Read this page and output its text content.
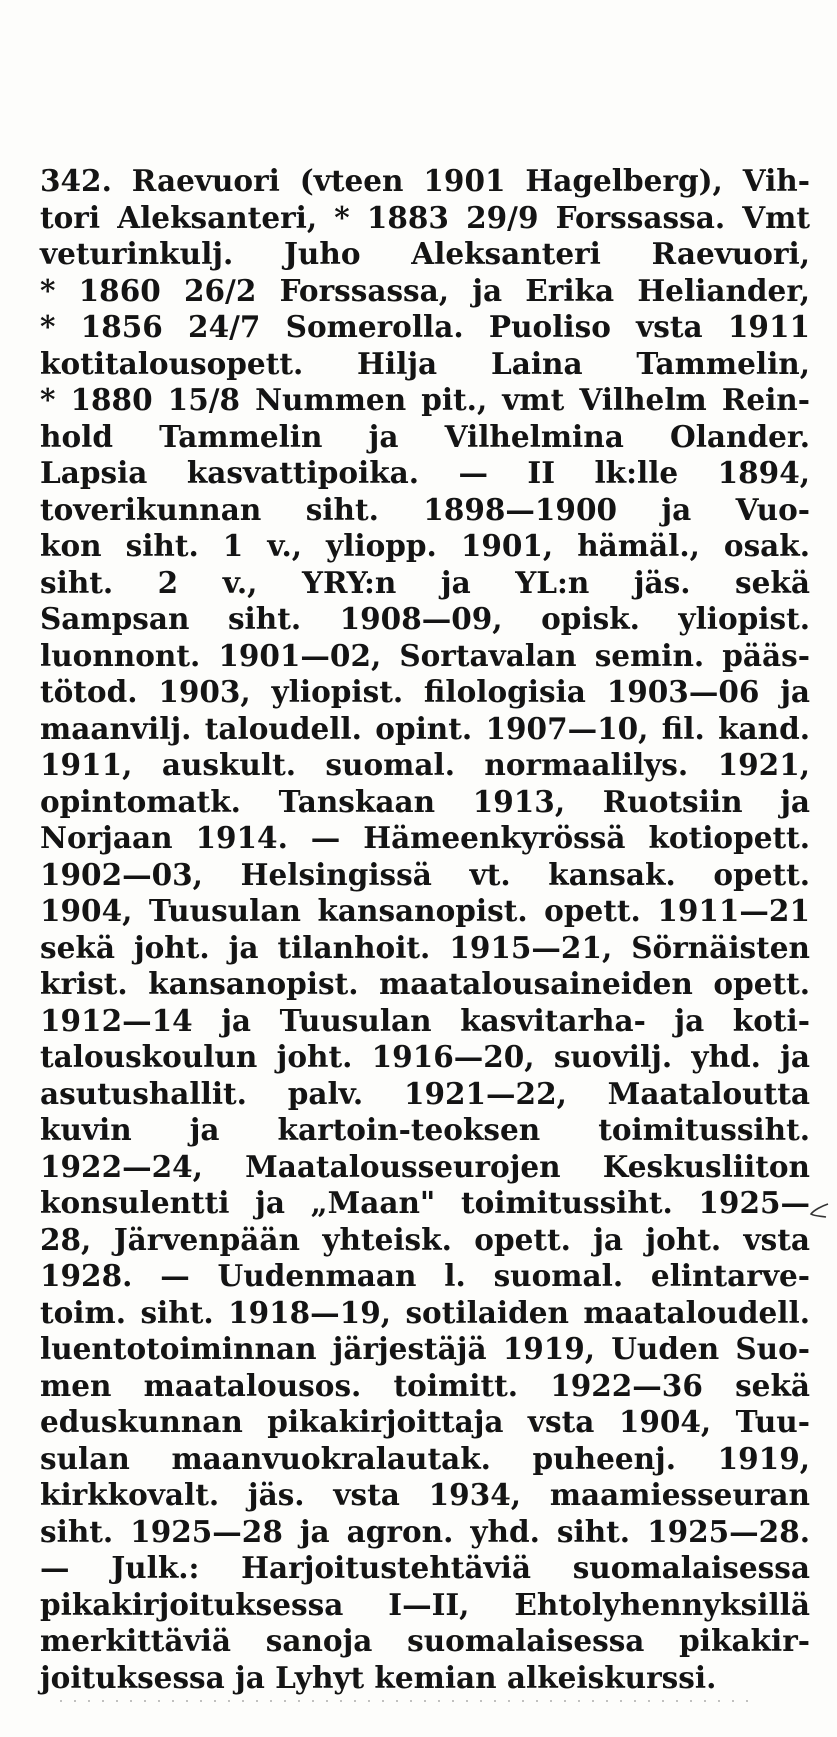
342. Raevuori (vteen 1901 Hagelberg), Vih-
tori Aleksanteri, * 1883 29/9 Forssassa. Vmt
veturinkulj. Juho Aleksanteri Raevuori,
* 1860 26/2 Forssassa, ja Erika Heliander,
* 1856 24/7 Somerolla. Puoliso vsta 1911
kotitalousopett. Hilja Laina Tammelin,
* 1880 15/8 Nummen pit., vmt Vilhelm Rein-
hold Tammelin ja Vilhelmina Olander.
Lapsia kasvattipoika. — II lk:lle 1894,
toverikunnan siht. 1898—1900 ja Vuo-
kon siht. 1 v., yliopp. 1901, hämäl., osak.
siht. 2 v., YRY:n ja YL:n jäs. sekä
Sampsan siht. 1908—09, opisk. yliopist.
luonnont. 1901—02, Sortavalan semin. pääs-
tötod. 1903, yliopist. filologisia 1903—06 ja
maanvilj. taloudell. opint. 1907—10, fil. kand.
1911, auskult. suomal. normaalilys. 1921,
opintomatk. Tanskaan 1913, Ruotsiin ja
Norjaan 1914. — Hämeenkyrössä kotiopett.
1902—03, Helsingissä vt. kansak. opett.
1904, Tuusulan kansanopist. opett. 1911—21
sekä joht. ja tilanhoit. 1915—21, Sörnäisten
krist. kansanopist. maatalousaineiden opett.
1912—14 ja Tuusulan kasvitarha- ja koti-
talouskoulun joht. 1916—20, suovilj. yhd. ja
asutushallit. palv. 1921—22, Maataloutta
kuvin ja kartoin-teoksen toimitussiht.
1922—24, Maatalousseurojen Keskusliiton
konsulentti ja „Maan" toimitussiht. 1925—
28, Järvenpään yhteisk. opett. ja joht. vsta
1928. — Uudenmaan l. suomal. elintarve-
toim. siht. 1918—19, sotilaiden maataloudell.
luentotoiminnan järjestäjä 1919, Uuden Suo-
men maatalousos. toimitt. 1922—36 sekä
eduskunnan pikakirjoittaja vsta 1904, Tuu-
sulan maanvuokralautak. puheenj. 1919,
kirkkovalt. jäs. vsta 1934, maamiesseuran
siht. 1925—28 ja agron. yhd. siht. 1925—28.
— Julk.: Harjoitustehtäviä suomalaisessa
pikakirjoituksessa I—II, Ehtolyhennyksillä
merkittäviä sanoja suomalaisessa pikakir-
joituksessa ja Lyhyt kemian alkeiskurssi.
